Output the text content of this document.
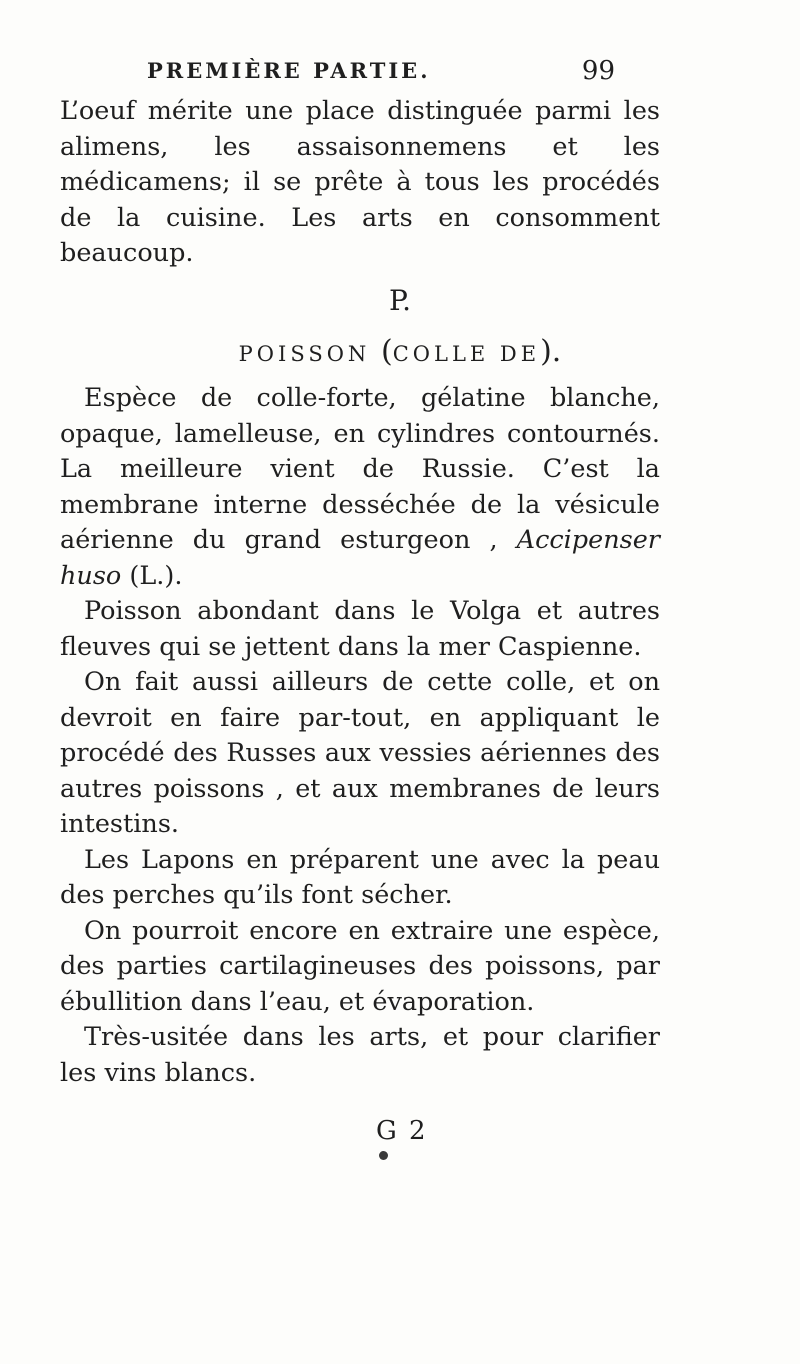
PREMIÈRE PARTIE.	99

L’oeuf mérite une place distinguée parmi les alimens, les assaisonnemens et les médicamens; il se prête à tous les procédés de la cuisine. Les arts en consomment beaucoup.

P.
POISSON (COLLE DE).

Espèce de colle-forte, gélatine blanche, opaque, lamelleuse, en cylindres contournés. La meilleure vient de Russie. C’est la membrane interne desséchée de la vésicule aérienne du grand esturgeon , Accipenser huso (L.).

Poisson abondant dans le Volga et autres fleuves qui se jettent dans la mer Caspienne.

On fait aussi ailleurs de cette colle, et on devroit en faire par-tout, en appliquant le procédé des Russes aux vessies aériennes des autres poissons , et aux membranes de leurs intestins.

Les Lapons en préparent une avec la peau des perches qu’ils font sécher.

On pourroit encore en extraire une espèce, des parties cartilagineuses des poissons, par ébullition dans l’eau, et évaporation.

Très-usitée dans les arts, et pour clarifier les vins blancs.

G 2
